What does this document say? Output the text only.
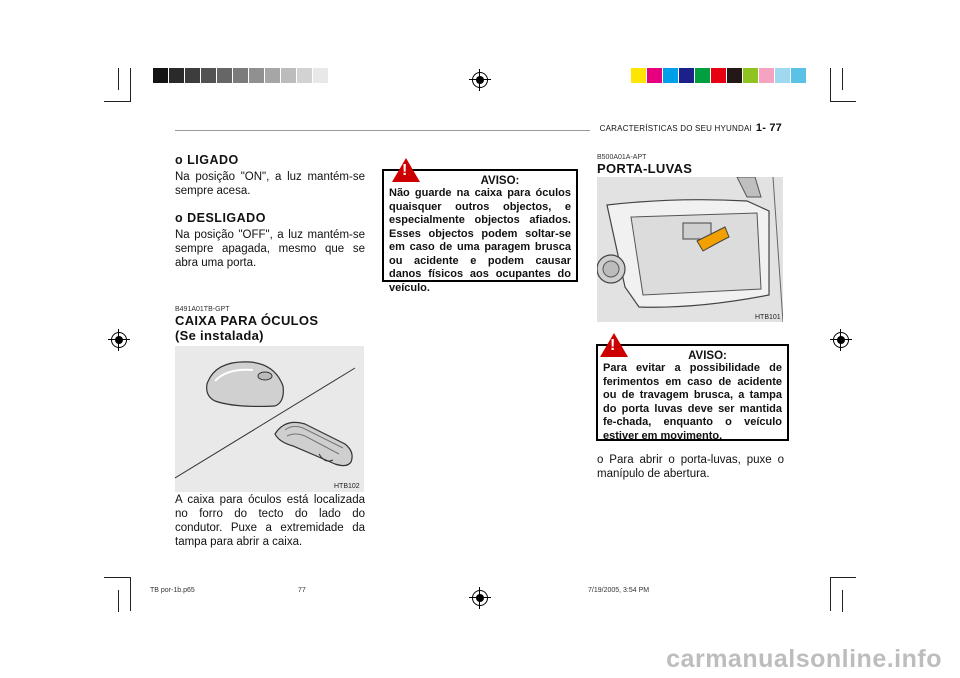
CARACTERÍSTICAS DO SEU HYUNDAI 1- 77
o LIGADO
Na posição "ON", a luz mantém-se sempre acesa.
o DESLIGADO
Na posição "OFF", a luz mantém-se sempre apagada, mesmo que se abra uma porta.
B491A01TB-GPT
CAIXA PARA ÓCULOS
(Se instalada)
HTB102
A caixa para óculos está localizada no forro do tecto do lado do condutor. Puxe a extremidade da tampa para abrir a caixa.
AVISO:
Não guarde na caixa para óculos quaisquer outros objectos, e especialmente objectos afiados. Esses objectos podem soltar-se em caso de uma paragem brusca ou acidente e podem causar danos físicos aos ocupantes do veículo.
!
B500A01A-APT
PORTA-LUVAS
HTB101
AVISO:
Para evitar a possibilidade de ferimentos em caso de acidente ou de travagem brusca, a tampa do porta luvas deve ser mantida fe-chada, enquanto o veículo estiver em movimento.
!
o Para abrir o porta-luvas, puxe o manípulo de abertura.
TB por-1b.p65	77	7/19/2005, 3:54 PM
carmanualsonline.info
